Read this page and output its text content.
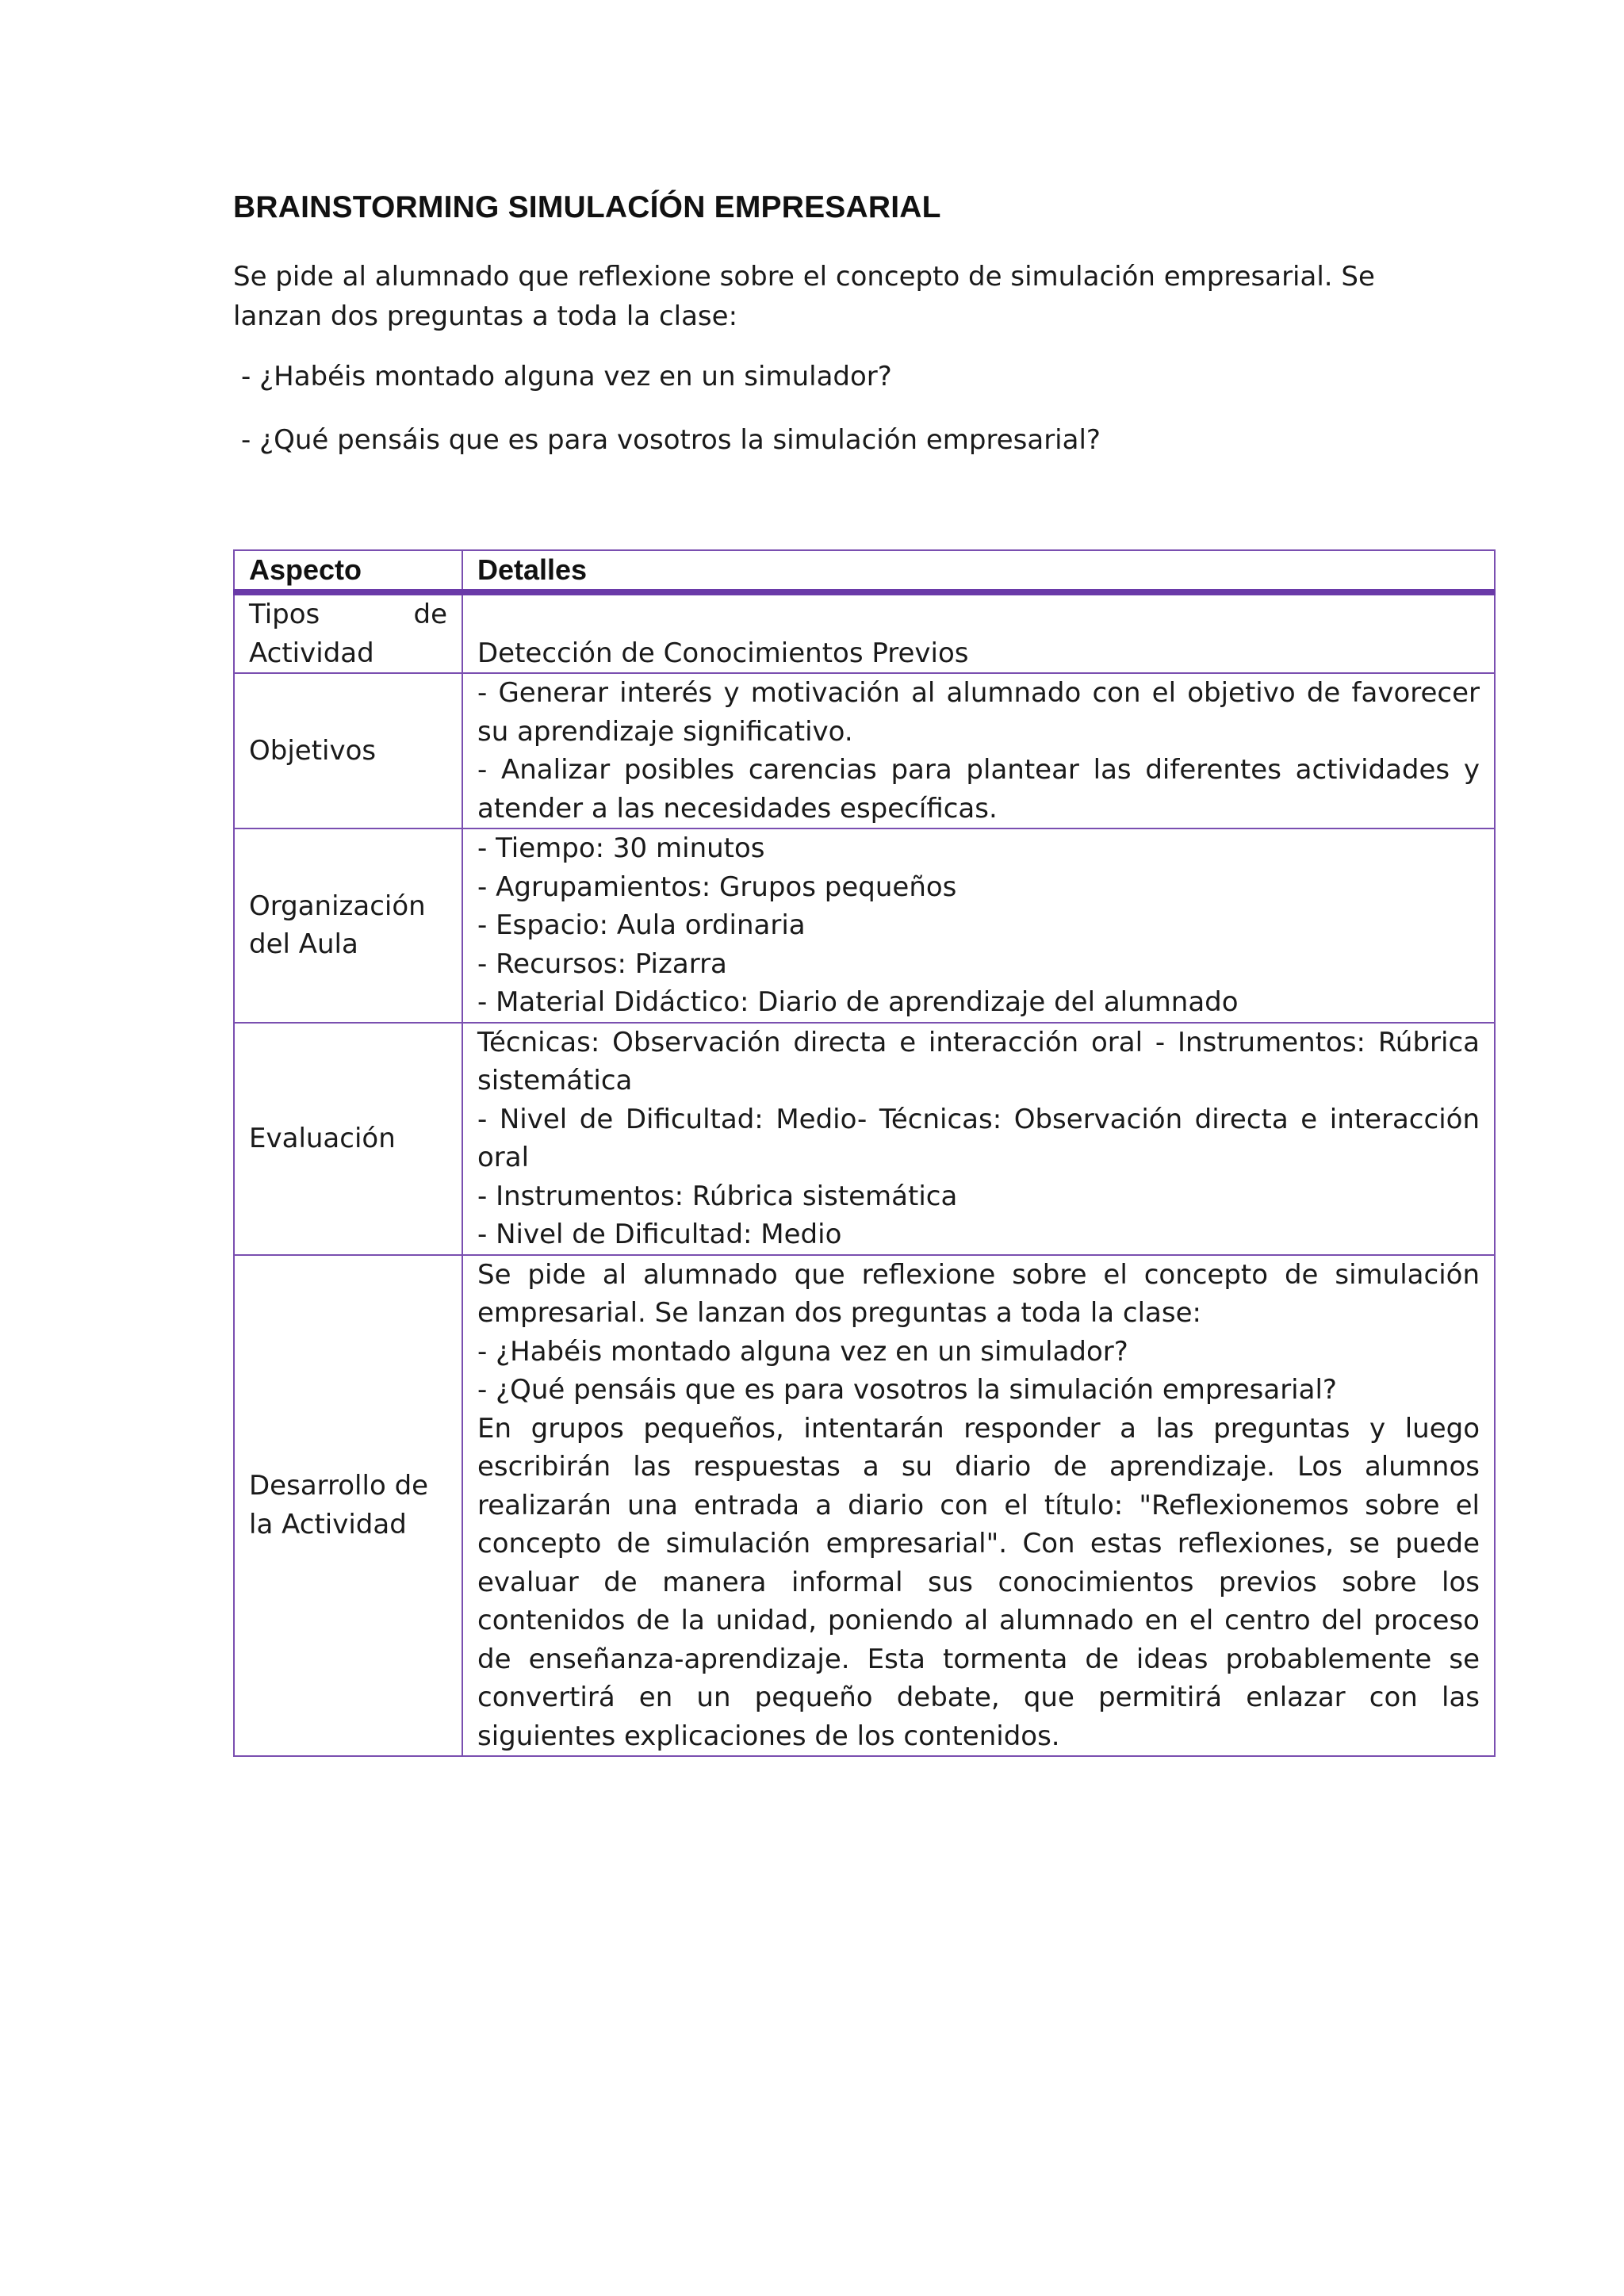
BRAINSTORMING SIMULACÍÓN EMPRESARIAL

Se pide al alumnado que reflexione sobre el concepto de simulación empresarial. Se lanzan dos preguntas a toda la clase:

- ¿Habéis montado alguna vez en un simulador?

- ¿Qué pensáis que es para vosotros la simulación empresarial?

Aspecto	Detalles

Tipos de
Actividad	Detección de Conocimientos Previos

Objetivos	- Generar interés y motivación al alumnado con el objetivo de favorecer su aprendizaje significativo.
- Analizar posibles carencias para plantear las diferentes actividades y atender a las necesidades específicas.

Organización del Aula	- Tiempo: 30 minutos
- Agrupamientos: Grupos pequeños
- Espacio: Aula ordinaria
- Recursos: Pizarra
- Material Didáctico: Diario de aprendizaje del alumnado

Evaluación	Técnicas: Observación directa e interacción oral - Instrumentos: Rúbrica sistemática
- Nivel de Dificultad: Medio- Técnicas: Observación directa e interacción oral
- Instrumentos: Rúbrica sistemática
- Nivel de Dificultad: Medio

Desarrollo de la Actividad	Se pide al alumnado que reflexione sobre el concepto de simulación empresarial. Se lanzan dos preguntas a toda la clase:
- ¿Habéis montado alguna vez en un simulador?
- ¿Qué pensáis que es para vosotros la simulación empresarial?
En grupos pequeños, intentarán responder a las preguntas y luego escribirán las respuestas a su diario de aprendizaje. Los alumnos realizarán una entrada a diario con el título: "Reflexionemos sobre el concepto de simulación empresarial". Con estas reflexiones, se puede evaluar de manera informal sus conocimientos previos sobre los contenidos de la unidad, poniendo al alumnado en el centro del proceso de enseñanza-aprendizaje. Esta tormenta de ideas probablemente se convertirá en un pequeño debate, que permitirá enlazar con las siguientes explicaciones de los contenidos.
